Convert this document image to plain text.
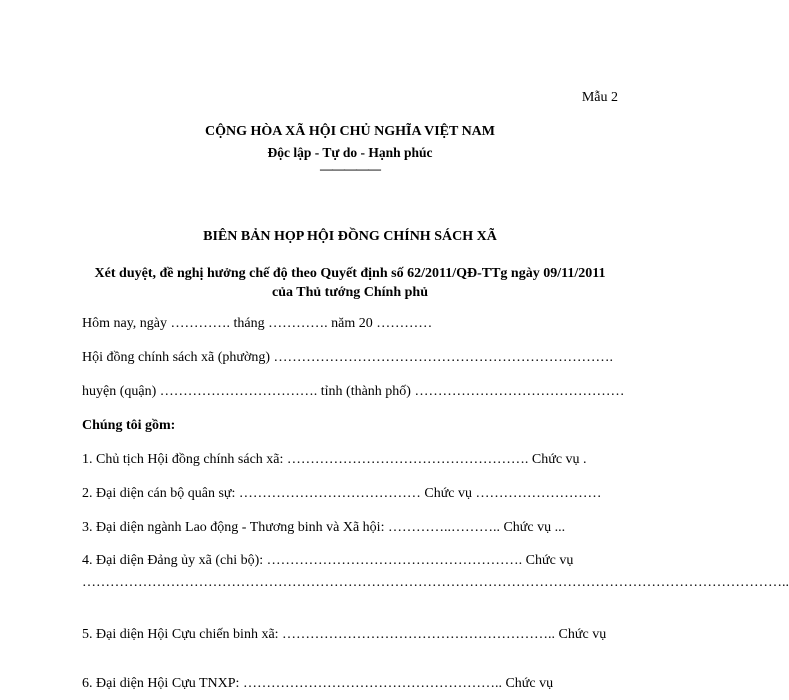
Mẫu 2
CỘNG HÒA XÃ HỘI CHỦ NGHĨA VIỆT NAM
Độc lập - Tự do - Hạnh phúc
—————
BIÊN BẢN HỌP HỘI ĐỒNG CHÍNH SÁCH XÃ
Xét duyệt, đề nghị hưởng chế độ theo Quyết định số 62/2011/QĐ-TTg ngày 09/11/2011 của Thủ tướng Chính phủ
Hôm nay, ngày …………. tháng …………. năm 20 …………
Hội đồng chính sách xã (phường) ……………………………………………………………….
huyện (quận) ……………………………. tỉnh (thành phố) ………………………………………
Chúng tôi gồm:
1. Chủ tịch Hội đồng chính sách xã: ……………………………………………. Chức vụ .
2. Đại diện cán bộ quân sự: ………………………………… Chức vụ ………………………
3. Đại diện ngành Lao động - Thương binh và Xã hội: …………..……….. Chức vụ ...
4. Đại diện Đảng ủy xã (chi bộ): ………………………………………………. Chức vụ ……………………………………………………………………………………………………………………………………..
5. Đại diện Hội Cựu chiến binh xã: ………………………………………………….. Chức vụ
6. Đại diện Hội Cựu TNXP: ……………………………………………….. Chức vụ
